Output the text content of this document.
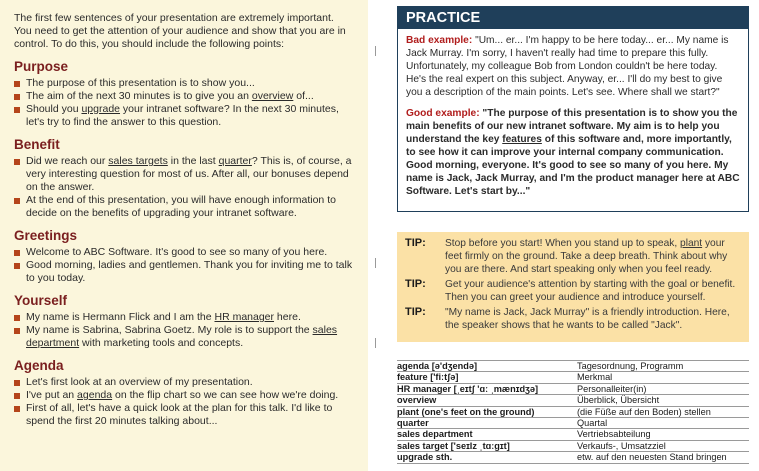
The first few sentences of your presentation are extremely important. You need to get the attention of your audience and show that you are in control. To do this, you should include the following points:

Purpose
The purpose of this presentation is to show you...
The aim of the next 30 minutes is to give you an overview of...
Should you upgrade your intranet software? In the next 30 minutes, let's try to find the answer to this question.
Benefit
Did we reach our sales targets in the last quarter? This is, of course, a very interesting question for most of us. After all, our bonuses depend on the answer.
At the end of this presentation, you will have enough information to decide on the benefits of upgrading your intranet software.
Greetings
Welcome to ABC Software. It's good to see so many of you here.
Good morning, ladies and gentlemen. Thank you for inviting me to talk to you today.
Yourself
My name is Hermann Flick and I am the HR manager here.
My name is Sabrina, Sabrina Goetz. My role is to support the sales department with marketing tools and concepts.
Agenda
Let's first look at an overview of my presentation.
I've put an agenda on the flip chart so we can see how we're doing.
First of all, let's have a quick look at the plan for this talk. I'd like to spend the first 20 minutes talking about...
PRACTICE

Bad example: "Um... er... I'm happy to be here today... er... My name is Jack Murray. I'm sorry, I haven't really had time to prepare this fully. Unfortunately, my colleague Bob from London couldn't be here today. He's the real expert on this subject. Anyway, er... I'll do my best to give you a description of the main points. Let's see. Where shall we start?"

Good example: "The purpose of this presentation is to show you the main benefits of our new intranet software. My aim is to help you understand the key features of this software and, more importantly, to see how it can improve your internal company communication. Good morning, everyone. It's good to see so many of you here. My name is Jack, Jack Murray, and I'm the product manager here at ABC Software. Let's start by..."

TIP: Stop before you start! When you stand up to speak, plant your feet firmly on the ground. Take a deep breath. Think about why you are there. And start speaking only when you feel ready.
TIP: Get your audience's attention by starting with the goal or benefit. Then you can greet your audience and introduce yourself.
TIP: "My name is Jack, Jack Murray" is a friendly introduction. Here, the speaker shows that he wants to be called "Jack".
agenda [ə'dʒendə]	Tagesordnung, Programm
feature ['fiːtʃə]	Merkmal
HR manager [ˌeɪtʃ 'ɑː ˌmænɪdʒə]	Personalleiter(in)
overview	Überblick, Übersicht
plant (one's feet on the ground)	(die Füße auf den Boden) stellen
quarter	Quartal
sales department	Vertriebsabteilung
sales target ['seɪlz ˌtɑːgɪt]	Verkaufs-, Umsatzziel
upgrade sth.	etw. auf den neuesten Stand bringen
